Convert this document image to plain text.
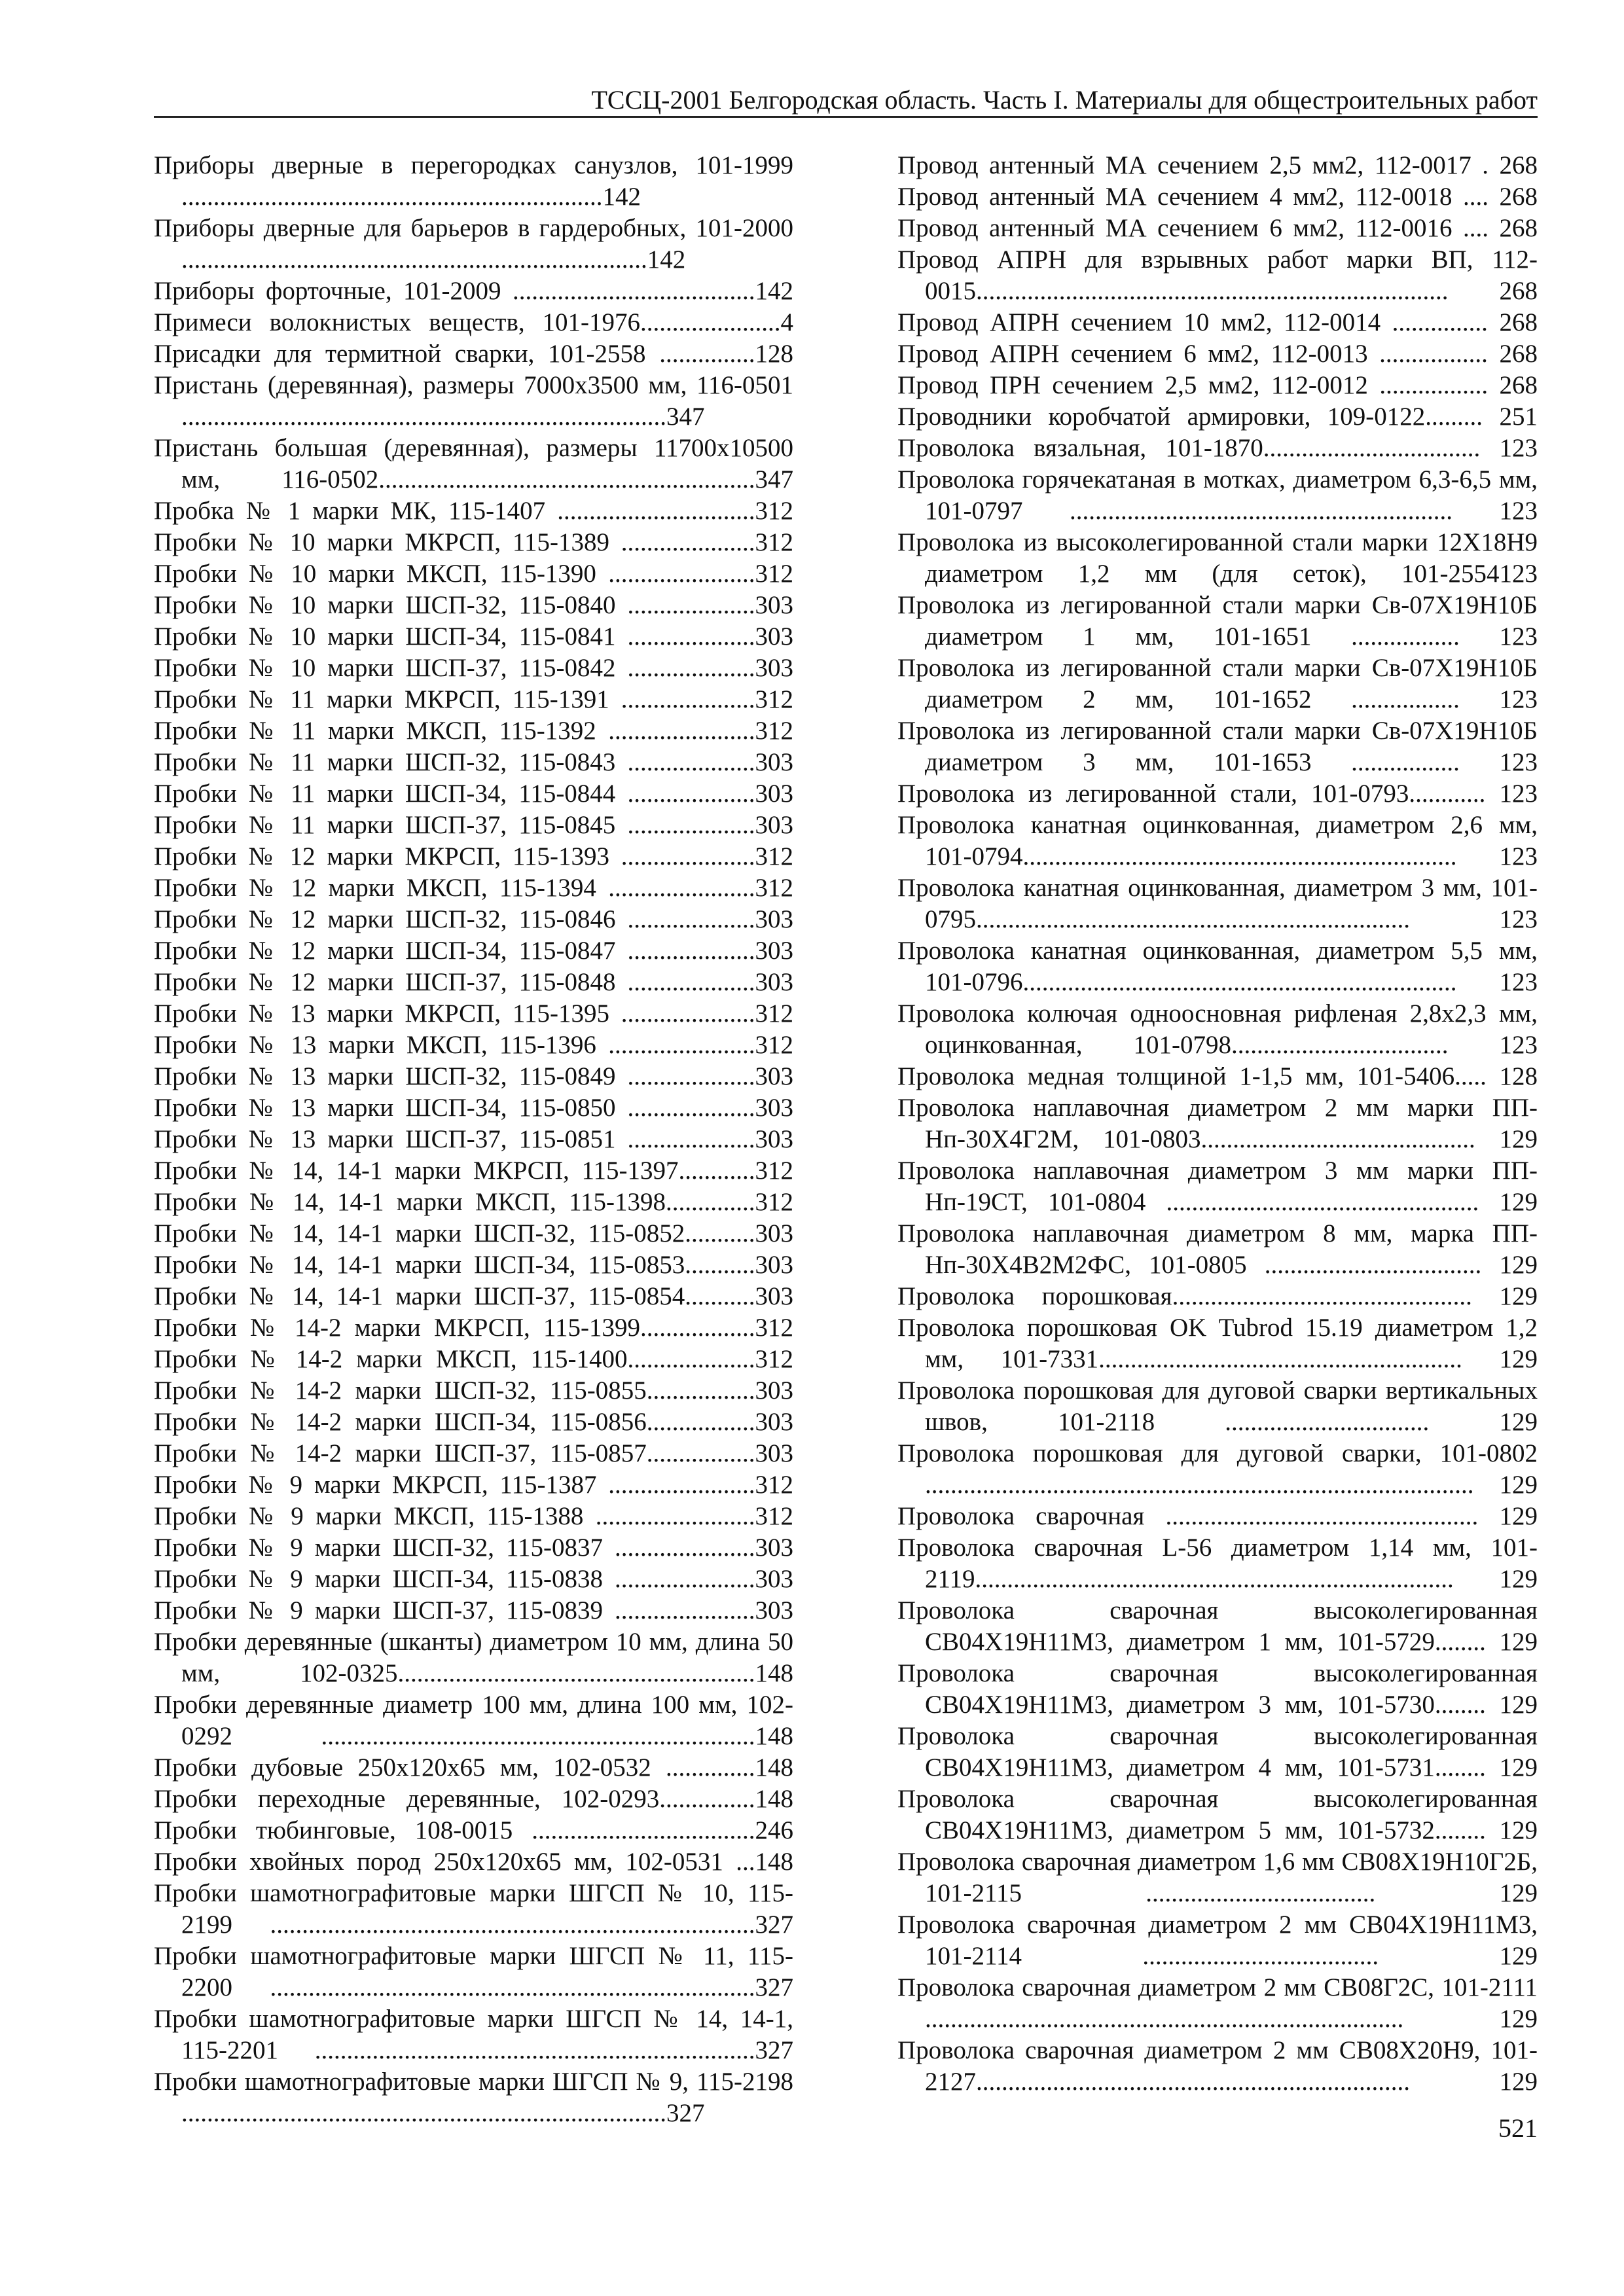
ТССЦ-2001 Белгородская область. Часть I. Материалы для общестроительных работ
Приборы дверные в перегородках санузлов, 101-1999 ..................................................................142
Приборы дверные для барьеров в гардеробных, 101-2000 .........................................................................142
Приборы форточные, 101-2009 ......................................142
Примеси волокнистых веществ, 101-1976......................4
Присадки для термитной сварки, 101-2558 ...............128
Пристань (деревянная), размеры 7000х3500 мм, 116-0501 ............................................................................347
Пристань большая (деревянная), размеры 11700х10500 мм, 116-0502...........................................................347
Пробка № 1 марки МК, 115-1407 ...............................312
Пробки № 10 марки МКРСП, 115-1389 .....................312
Пробки № 10 марки МКСП, 115-1390 .......................312
Пробки № 10 марки ШСП-32, 115-0840 ....................303
Пробки № 10 марки ШСП-34, 115-0841 ....................303
Пробки № 10 марки ШСП-37, 115-0842 ....................303
Пробки № 11 марки МКРСП, 115-1391 .....................312
Пробки № 11 марки МКСП, 115-1392 .......................312
Пробки № 11 марки ШСП-32, 115-0843 ....................303
Пробки № 11 марки ШСП-34, 115-0844 ....................303
Пробки № 11 марки ШСП-37, 115-0845 ....................303
Пробки № 12 марки МКРСП, 115-1393 .....................312
Пробки № 12 марки МКСП, 115-1394 .......................312
Пробки № 12 марки ШСП-32, 115-0846 ....................303
Пробки № 12 марки ШСП-34, 115-0847 ....................303
Пробки № 12 марки ШСП-37, 115-0848 ....................303
Пробки № 13 марки МКРСП, 115-1395 .....................312
Пробки № 13 марки МКСП, 115-1396 .......................312
Пробки № 13 марки ШСП-32, 115-0849 ....................303
Пробки № 13 марки ШСП-34, 115-0850 ....................303
Пробки № 13 марки ШСП-37, 115-0851 ....................303
Пробки № 14, 14-1 марки МКРСП, 115-1397............312
Пробки № 14, 14-1 марки МКСП, 115-1398..............312
Пробки № 14, 14-1 марки ШСП-32, 115-0852...........303
Пробки № 14, 14-1 марки ШСП-34, 115-0853...........303
Пробки № 14, 14-1 марки ШСП-37, 115-0854...........303
Пробки № 14-2 марки МКРСП, 115-1399..................312
Пробки № 14-2 марки МКСП, 115-1400....................312
Пробки № 14-2 марки ШСП-32, 115-0855.................303
Пробки № 14-2 марки ШСП-34, 115-0856.................303
Пробки № 14-2 марки ШСП-37, 115-0857.................303
Пробки № 9 марки МКРСП, 115-1387 .......................312
Пробки № 9 марки МКСП, 115-1388 .........................312
Пробки № 9 марки ШСП-32, 115-0837 ......................303
Пробки № 9 марки ШСП-34, 115-0838 ......................303
Пробки № 9 марки ШСП-37, 115-0839 ......................303
Пробки деревянные (шканты) диаметром 10 мм, длина 50 мм, 102-0325........................................................148
Пробки деревянные диаметр 100 мм, длина 100 мм, 102-0292 ....................................................................148
Пробки дубовые 250х120х65 мм, 102-0532 ..............148
Пробки переходные деревянные, 102-0293...............148
Пробки тюбинговые, 108-0015 ...................................246
Пробки хвойных пород 250х120х65 мм, 102-0531 ...148
Пробки шамотнографитовые марки ШГСП № 10, 115-2199 ............................................................................327
Пробки шамотнографитовые марки ШГСП № 11, 115-2200 ............................................................................327
Пробки шамотнографитовые марки ШГСП № 14, 14-1, 115-2201 .....................................................................327
Пробки шамотнографитовые марки ШГСП № 9, 115-2198 ............................................................................327
Провод антенный МА сечением 2,5 мм2, 112-0017 . 268
Провод антенный МА сечением 4 мм2, 112-0018 .... 268
Провод антенный МА сечением 6 мм2, 112-0016 .... 268
Провод АПРН для взрывных работ марки ВП, 112-0015.......................................................................... 268
Провод АПРН сечением 10 мм2, 112-0014 ............... 268
Провод АПРН сечением 6 мм2, 112-0013 ................. 268
Провод ПРН сечением 2,5 мм2, 112-0012 ................. 268
Проводники коробчатой армировки, 109-0122......... 251
Проволока вязальная, 101-1870.................................. 123
Проволока горячекатаная в мотках, диаметром 6,3-6,5 мм, 101-0797 ............................................................ 123
Проволока из высоколегированной стали марки 12Х18Н9 диаметром 1,2 мм (для сеток), 101-2554123
Проволока из легированной стали марки Св-07Х19Н10Б диаметром 1 мм, 101-1651 ................. 123
Проволока из легированной стали марки Св-07Х19Н10Б диаметром 2 мм, 101-1652 ................. 123
Проволока из легированной стали марки Св-07Х19Н10Б диаметром 3 мм, 101-1653 ................. 123
Проволока из легированной стали, 101-0793............ 123
Проволока канатная оцинкованная, диаметром 2,6 мм, 101-0794.................................................................... 123
Проволока канатная оцинкованная, диаметром 3 мм, 101-0795.................................................................... 123
Проволока канатная оцинкованная, диаметром 5,5 мм, 101-0796.................................................................... 123
Проволока колючая одноосновная рифленая 2,8х2,3 мм, оцинкованная, 101-0798.................................. 123
Проволока медная толщиной 1-1,5 мм, 101-5406..... 128
Проволока наплавочная диаметром 2 мм марки ПП-Нп-30Х4Г2М, 101-0803........................................... 129
Проволока наплавочная диаметром 3 мм марки ПП-Нп-19СТ, 101-0804 ................................................. 129
Проволока наплавочная диаметром 8 мм, марка ПП-Нп-30Х4В2М2ФС, 101-0805 .................................. 129
Проволока порошковая............................................... 129
Проволока порошковая OK Tubrod 15.19 диаметром 1,2 мм, 101-7331......................................................... 129
Проволока порошковая для дуговой сварки вертикальных швов, 101-2118 ................................ 129
Проволока порошковая для дуговой сварки, 101-0802 ...................................................................................... 129
Проволока сварочная ................................................. 129
Проволока сварочная L-56 диаметром 1,14 мм, 101-2119........................................................................... 129
Проволока сварочная высоколегированная СВ04Х19Н11М3, диаметром 1 мм, 101-5729........ 129
Проволока сварочная высоколегированная СВ04Х19Н11М3, диаметром 3 мм, 101-5730........ 129
Проволока сварочная высоколегированная СВ04Х19Н11М3, диаметром 4 мм, 101-5731........ 129
Проволока сварочная высоколегированная СВ04Х19Н11М3, диаметром 5 мм, 101-5732........ 129
Проволока сварочная диаметром 1,6 мм СВ08Х19Н10Г2Б, 101-2115 .................................... 129
Проволока сварочная диаметром 2 мм СВ04Х19Н11М3, 101-2114 ..................................... 129
Проволока сварочная диаметром 2 мм СВ08Г2С, 101-2111 ........................................................................... 129
Проволока сварочная диаметром 2 мм СВ08Х20Н9, 101-2127.................................................................... 129
521
